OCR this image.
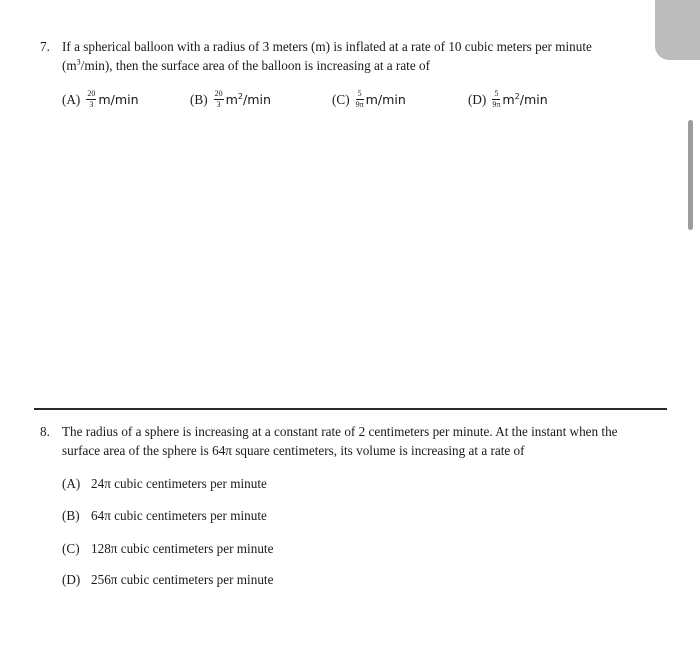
7. If a spherical balloon with a radius of 3 meters (m) is inflated at a rate of 10 cubic meters per minute
$(m^3/\min)$, then the surface area of the balloon is increasing at a rate of
$(A) \frac{20}{3} m/\min$	$(B) \frac{20}{3} m^2/\min$	$(C) \frac{5}{9\pi} m/\min$	$(D) \frac{5}{9\pi} m^2/\min$
8. The radius of a sphere is increasing at a constant rate of 2 centimeters per minute. At the instant when the
surface area of the sphere is 64π square centimeters, its volume is increasing at a rate of
(A) 24π cubic centimeters per minute
(B) 64π cubic centimeters per minute
(C) 128π cubic centimeters per minute
(D) 256π cubic centimeters per minute
